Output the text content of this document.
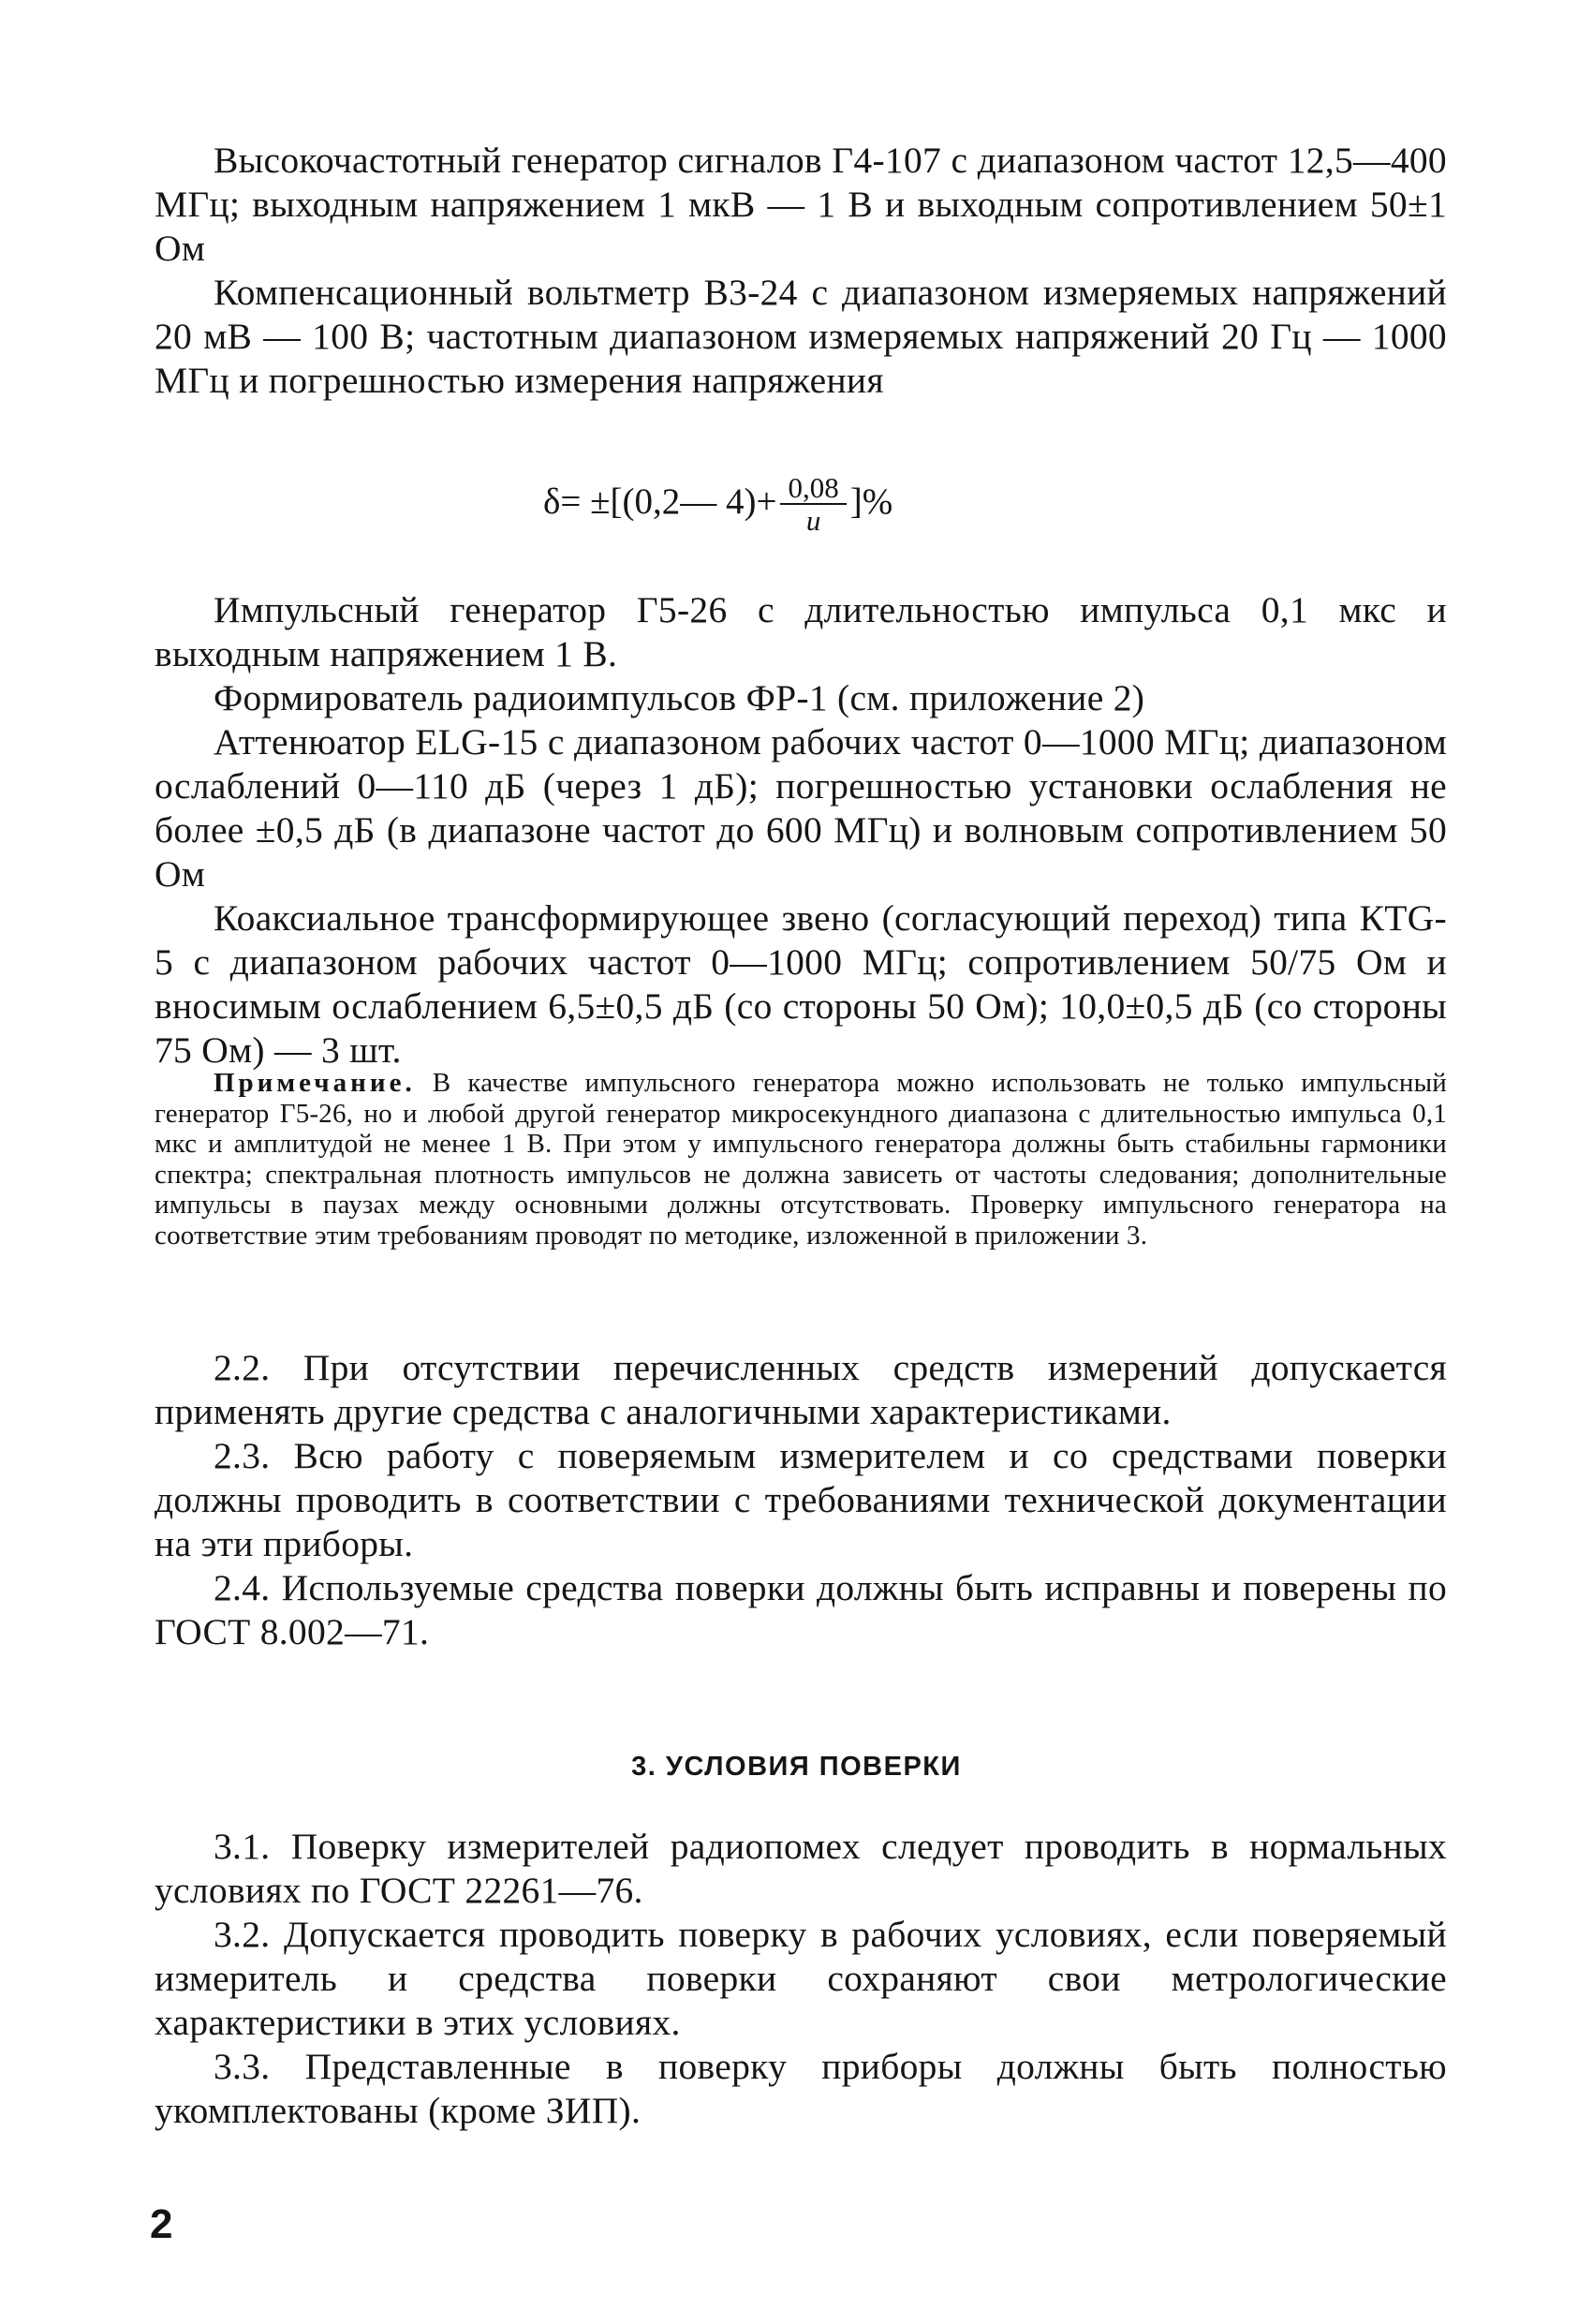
Высокочастотный генератор сигналов Г4-107 с диапазоном частот 12,5—400 МГц; выходным напряжением 1 мкВ — 1 В и выходным сопротивлением 50±1 Ом

Компенсационный вольтметр В3-24 с диапазоном измеряемых напряжений 20 мВ — 100 В; частотным диапазоном измеряемых напряжений 20 Гц — 1000 МГц и погрешностью измерения напряжения

δ= ±[(0,2— $4)+ \frac{0,08}{u}$ ]%

Импульсный генератор Г5-26 с длительностью импульса 0,1 мкс и выходным напряжением 1 В.

Формирователь радиоимпульсов ФР-1 (см. приложение 2)

Аттенюатор ELG-15 с диапазоном рабочих частот 0—1000 МГц; диапазоном ослаблений 0—110 дБ (через 1 дБ); погрешностью установки ослабления не более ±0,5 дБ (в диапазоне частот до 600 МГц) и волновым сопротивлением 50 Ом

Коаксиальное трансформирующее звено (согласующий переход) типа КТG-5 с диапазоном рабочих частот 0—1000 МГц; сопротивлением 50/75 Ом и вносимым ослаблением 6,5±0,5 дБ (со стороны 50 Ом); 10,0±0,5 дБ (со стороны 75 Ом) — 3 шт.

Примечание. В качестве импульсного генератора можно использовать не только импульсный генератор Г5-26, но и любой другой генератор микросекундного диапазона с длительностью импульса 0,1 мкс и амплитудой не менее 1 В. При этом у импульсного генератора должны быть стабильны гармоники спектра; спектральная плотность импульсов не должна зависеть от частоты следования; дополнительные импульсы в паузах между основными должны отсутствовать. Проверку импульсного генератора на соответствие этим требованиям проводят по методике, изложенной в приложении 3.

2.2. При отсутствии перечисленных средств измерений допускается применять другие средства с аналогичными характеристиками.

2.3. Всю работу с поверяемым измерителем и со средствами поверки должны проводить в соответствии с требованиями технической документации на эти приборы.

2.4. Используемые средства поверки должны быть исправны и поверены по ГОСТ 8.002—71.

3. УСЛОВИЯ ПОВЕРКИ

3.1. Поверку измерителей радиопомех следует проводить в нормальных условиях по ГОСТ 22261—76.

3.2. Допускается проводить поверку в рабочих условиях, если поверяемый измеритель и средства поверки сохраняют свои метрологические характеристики в этих условиях.

3.3. Представленные в поверку приборы должны быть полностью укомплектованы (кроме ЗИП).

2
